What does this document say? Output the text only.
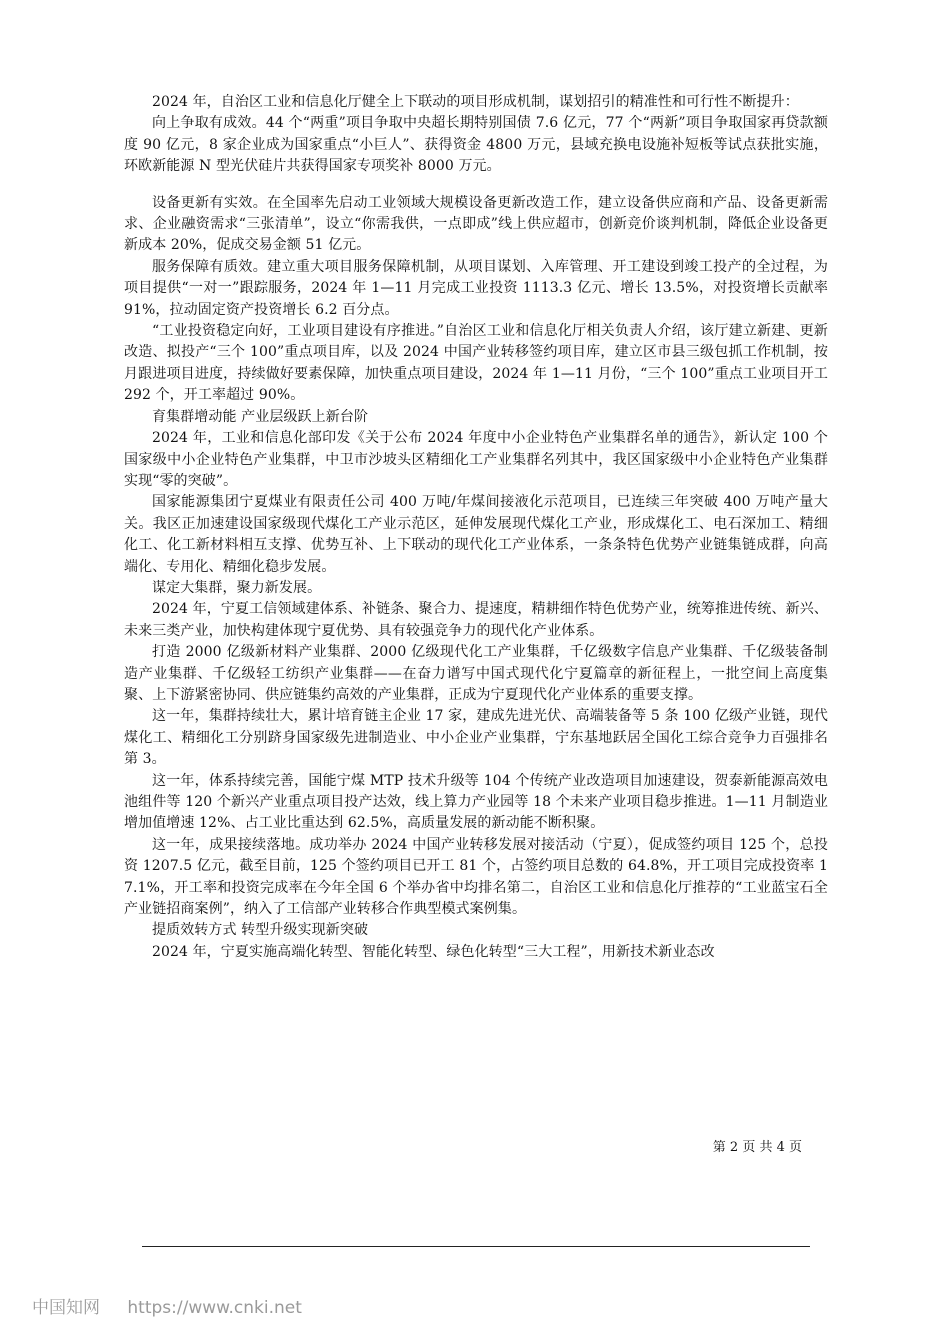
2024 年，自治区工业和信息化厅健全上下联动的项目形成机制，谋划招引的精准性和可行性不断提升：

向上争取有成效。44 个“两重”项目争取中央超长期特别国债 7.6 亿元，77 个“两新”项目争取国家再贷款额度 90 亿元，8 家企业成为国家重点“小巨人”、获得资金 4800 万元，县域充换电设施补短板等试点获批实施，环欧新能源 N 型光伏硅片共获得国家专项奖补 8000 万元。

设备更新有实效。在全国率先启动工业领域大规模设备更新改造工作，建立设备供应商和产品、设备更新需求、企业融资需求“三张清单”，设立“你需我供，一点即成”线上供应超市，创新竞价谈判机制，降低企业设备更新成本 20%，促成交易金额 51 亿元。

服务保障有质效。建立重大项目服务保障机制，从项目谋划、入库管理、开工建设到竣工投产的全过程，为项目提供“一对一”跟踪服务，2024 年 1—11 月完成工业投资 1113.3 亿元、增长 13.5%，对投资增长贡献率 91%，拉动固定资产投资增长 6.2 百分点。

“工业投资稳定向好，工业项目建设有序推进。”自治区工业和信息化厅相关负责人介绍，该厅建立新建、更新改造、拟投产“三个 100”重点项目库，以及 2024 中国产业转移签约项目库，建立区市县三级包抓工作机制，按月跟进项目进度，持续做好要素保障，加快重点项目建设，2024 年 1—11 月份，“三个 100”重点工业项目开工 292 个，开工率超过 90%。

育集群增动能 产业层级跃上新台阶

2024 年，工业和信息化部印发《关于公布 2024 年度中小企业特色产业集群名单的通告》，新认定 100 个国家级中小企业特色产业集群，中卫市沙坡头区精细化工产业集群名列其中，我区国家级中小企业特色产业集群实现“零的突破”。

国家能源集团宁夏煤业有限责任公司 400 万吨/年煤间接液化示范项目，已连续三年突破 400 万吨产量大关。我区正加速建设国家级现代煤化工产业示范区，延伸发展现代煤化工产业，形成煤化工、电石深加工、精细化工、化工新材料相互支撑、优势互补、上下联动的现代化工产业体系，一条条特色优势产业链集链成群，向高端化、专用化、精细化稳步发展。

谋定大集群，聚力新发展。

2024 年，宁夏工信领域建体系、补链条、聚合力、提速度，精耕细作特色优势产业，统筹推进传统、新兴、未来三类产业，加快构建体现宁夏优势、具有较强竞争力的现代化产业体系。

打造 2000 亿级新材料产业集群、2000 亿级现代化工产业集群，千亿级数字信息产业集群、千亿级装备制造产业集群、千亿级轻工纺织产业集群——在奋力谱写中国式现代化宁夏篇章的新征程上，一批空间上高度集聚、上下游紧密协同、供应链集约高效的产业集群，正成为宁夏现代化产业体系的重要支撑。

这一年，集群持续壮大，累计培育链主企业 17 家，建成先进光伏、高端装备等 5 条 100 亿级产业链，现代煤化工、精细化工分别跻身国家级先进制造业、中小企业产业集群，宁东基地跃居全国化工综合竞争力百强排名第 3。

这一年，体系持续完善，国能宁煤 MTP 技术升级等 104 个传统产业改造项目加速建设，贺泰新能源高效电池组件等 120 个新兴产业重点项目投产达效，线上算力产业园等 18 个未来产业项目稳步推进。1—11 月制造业增加值增速 12%、占工业比重达到 62.5%，高质量发展的新动能不断积聚。

这一年，成果接续落地。成功举办 2024 中国产业转移发展对接活动（宁夏），促成签约项目 125 个，总投资 1207.5 亿元，截至目前，125 个签约项目已开工 81 个，占签约项目总数的 64.8%，开工项目完成投资率 17.1%，开工率和投资完成率在今年全国 6 个举办省中均排名第二，自治区工业和信息化厅推荐的“工业蓝宝石全产业链招商案例”，纳入了工信部产业转移合作典型模式案例集。

提质效转方式 转型升级实现新突破

2024 年，宁夏实施高端化转型、智能化转型、绿色化转型“三大工程”，用新技术新业态改

第 2 页 共 4 页
中国知网 https://www.cnki.net
